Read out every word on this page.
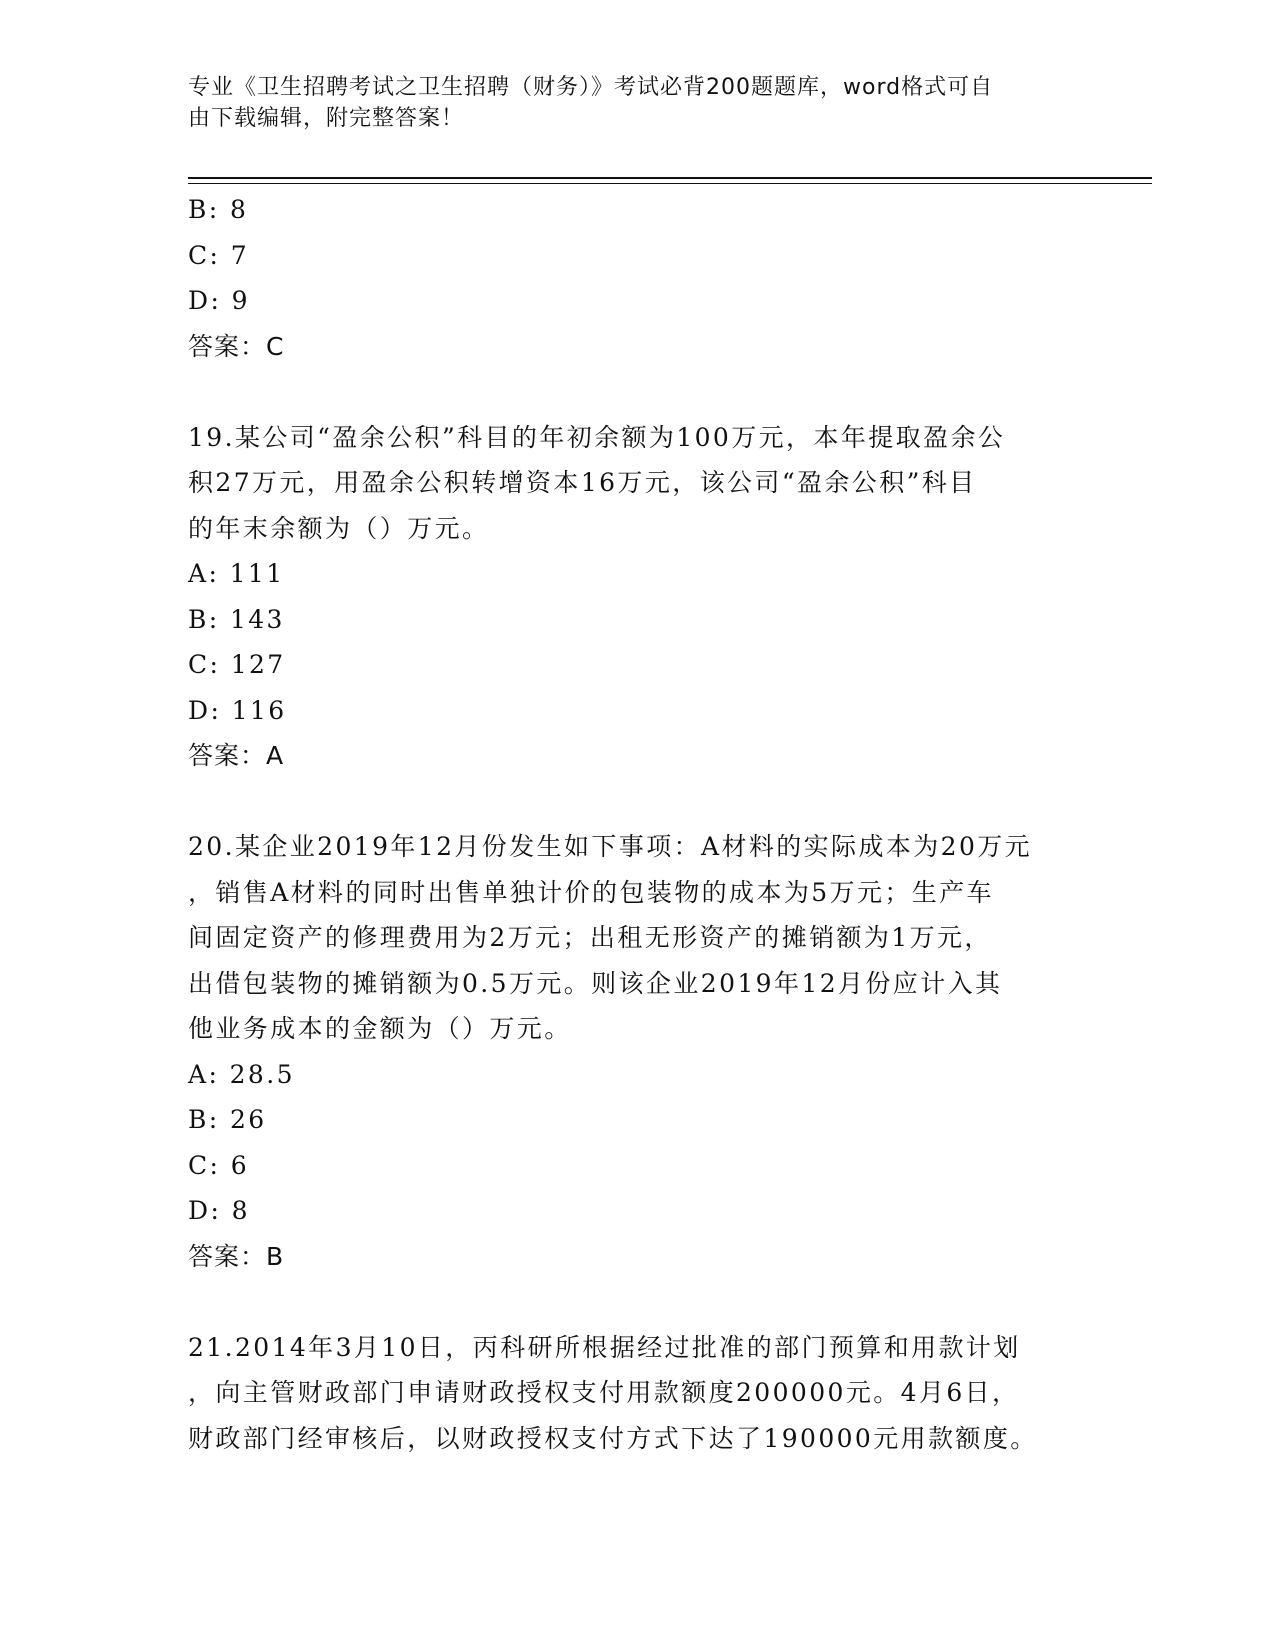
专业《卫生招聘考试之卫生招聘（财务）》考试必背200题题库，word格式可自
由下载编辑，附完整答案！
B: 8
C: 7
D: 9
答案：C
19.某公司“盈余公积”科目的年初余额为100万元，本年提取盈余公
积27万元，用盈余公积转增资本16万元，该公司“盈余公积”科目
的年末余额为（）万元。
A: 111
B: 143
C: 127
D: 116
答案：A
20.某企业2019年12月份发生如下事项：A材料的实际成本为20万元
，销售A材料的同时出售单独计价的包装物的成本为5万元；生产车
间固定资产的修理费用为2万元；出租无形资产的摊销额为1万元，
出借包装物的摊销额为0.5万元。则该企业2019年12月份应计入其
他业务成本的金额为（）万元。
A: 28.5
B: 26
C: 6
D: 8
答案：B
21.2014年3月10日，丙科研所根据经过批准的部门预算和用款计划
，向主管财政部门申请财政授权支付用款额度200000元。4月6日，
财政部门经审核后，以财政授权支付方式下达了190000元用款额度。
